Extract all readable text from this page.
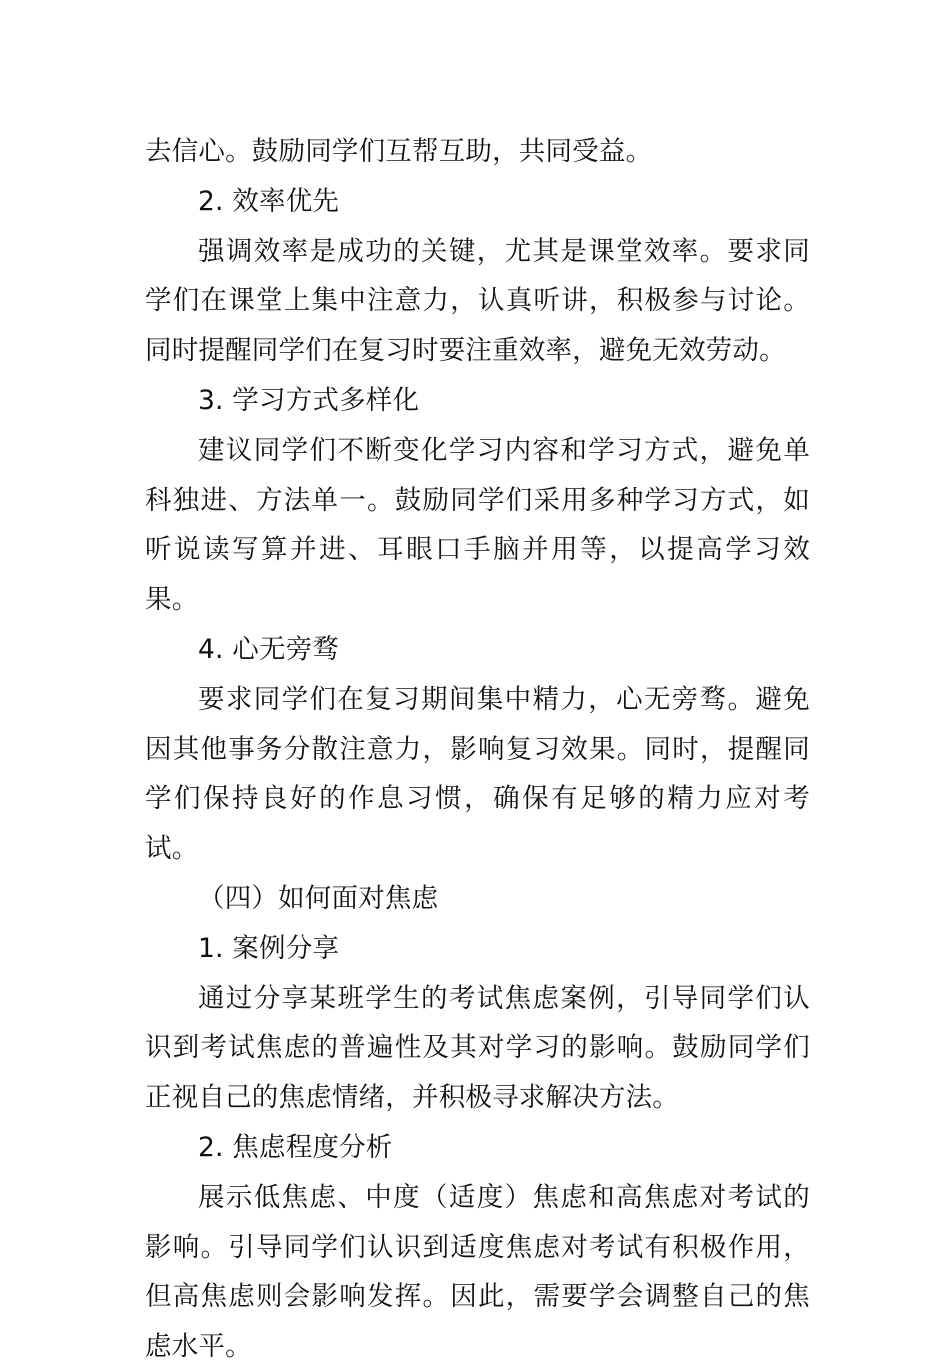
去信心。鼓励同学们互帮互助，共同受益。

2. 效率优先

强调效率是成功的关键，尤其是课堂效率。要求同学们在课堂上集中注意力，认真听讲，积极参与讨论。同时提醒同学们在复习时要注重效率，避免无效劳动。

3. 学习方式多样化

建议同学们不断变化学习内容和学习方式，避免单科独进、方法单一。鼓励同学们采用多种学习方式，如听说读写算并进、耳眼口手脑并用等，以提高学习效果。

4. 心无旁骛

要求同学们在复习期间集中精力，心无旁骛。避免因其他事务分散注意力，影响复习效果。同时，提醒同学们保持良好的作息习惯，确保有足够的精力应对考试。

（四）如何面对焦虑

1. 案例分享

通过分享某班学生的考试焦虑案例，引导同学们认识到考试焦虑的普遍性及其对学习的影响。鼓励同学们正视自己的焦虑情绪，并积极寻求解决方法。

2. 焦虑程度分析

展示低焦虑、中度（适度）焦虑和高焦虑对考试的影响。引导同学们认识到适度焦虑对考试有积极作用，但高焦虑则会影响发挥。因此，需要学会调整自己的焦虑水平。
